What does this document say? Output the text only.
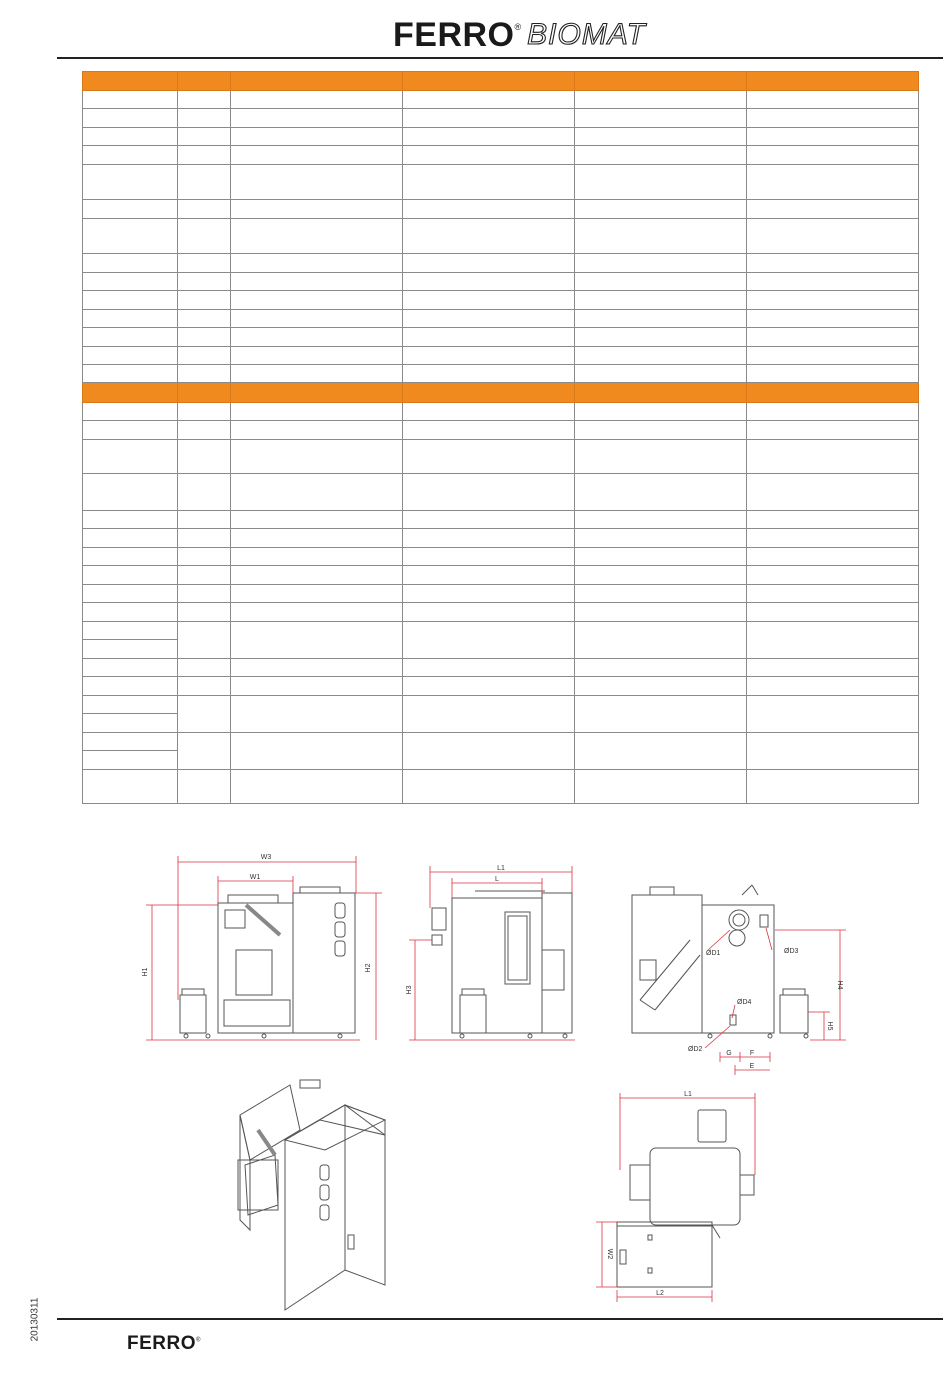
FERRO ® BIOMAT

W3
W1
H1	H2
L1
L
H3
ØD1	ØD3
ØD4
ØD2
H4
H5
G	F
E
L1
W2
L2
FERRO®
20130311
